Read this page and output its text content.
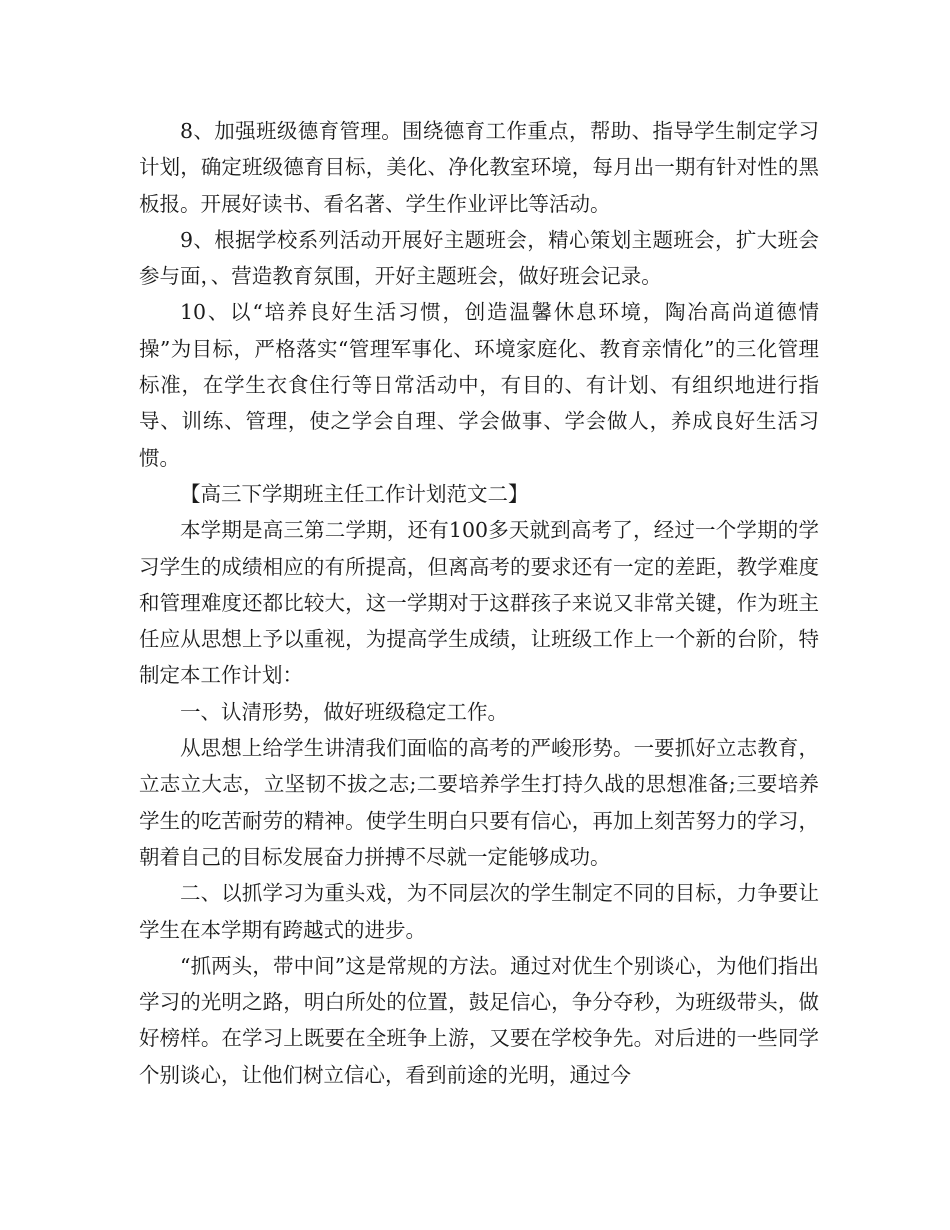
8、加强班级德育管理。围绕德育工作重点，帮助、指导学生制定学习计划，确定班级德育目标，美化、净化教室环境，每月出一期有针对性的黑板报。开展好读书、看名著、学生作业评比等活动。

9、根据学校系列活动开展好主题班会，精心策划主题班会，扩大班会参与面，、营造教育氛围，开好主题班会，做好班会记录。

10、以“培养良好生活习惯，创造温馨休息环境，陶冶高尚道德情操”为目标，严格落实“管理军事化、环境家庭化、教育亲情化”的三化管理标准，在学生衣食住行等日常活动中，有目的、有计划、有组织地进行指导、训练、管理，使之学会自理、学会做事、学会做人，养成良好生活习惯。

【高三下学期班主任工作计划范文二】

本学期是高三第二学期，还有100多天就到高考了，经过一个学期的学习学生的成绩相应的有所提高，但离高考的要求还有一定的差距，教学难度和管理难度还都比较大，这一学期对于这群孩子来说又非常关键，作为班主任应从思想上予以重视，为提高学生成绩，让班级工作上一个新的台阶，特制定本工作计划：

一、认清形势，做好班级稳定工作。

从思想上给学生讲清我们面临的高考的严峻形势。一要抓好立志教育，立志立大志，立坚韧不拔之志;二要培养学生打持久战的思想准备;三要培养学生的吃苦耐劳的精神。使学生明白只要有信心，再加上刻苦努力的学习，朝着自己的目标发展奋力拼搏不尽就一定能够成功。

二、以抓学习为重头戏，为不同层次的学生制定不同的目标，力争要让学生在本学期有跨越式的进步。

“抓两头，带中间”这是常规的方法。通过对优生个别谈心，为他们指出学习的光明之路，明白所处的位置，鼓足信心，争分夺秒，为班级带头，做好榜样。在学习上既要在全班争上游，又要在学校争先。对后进的一些同学个别谈心，让他们树立信心，看到前途的光明，通过今
